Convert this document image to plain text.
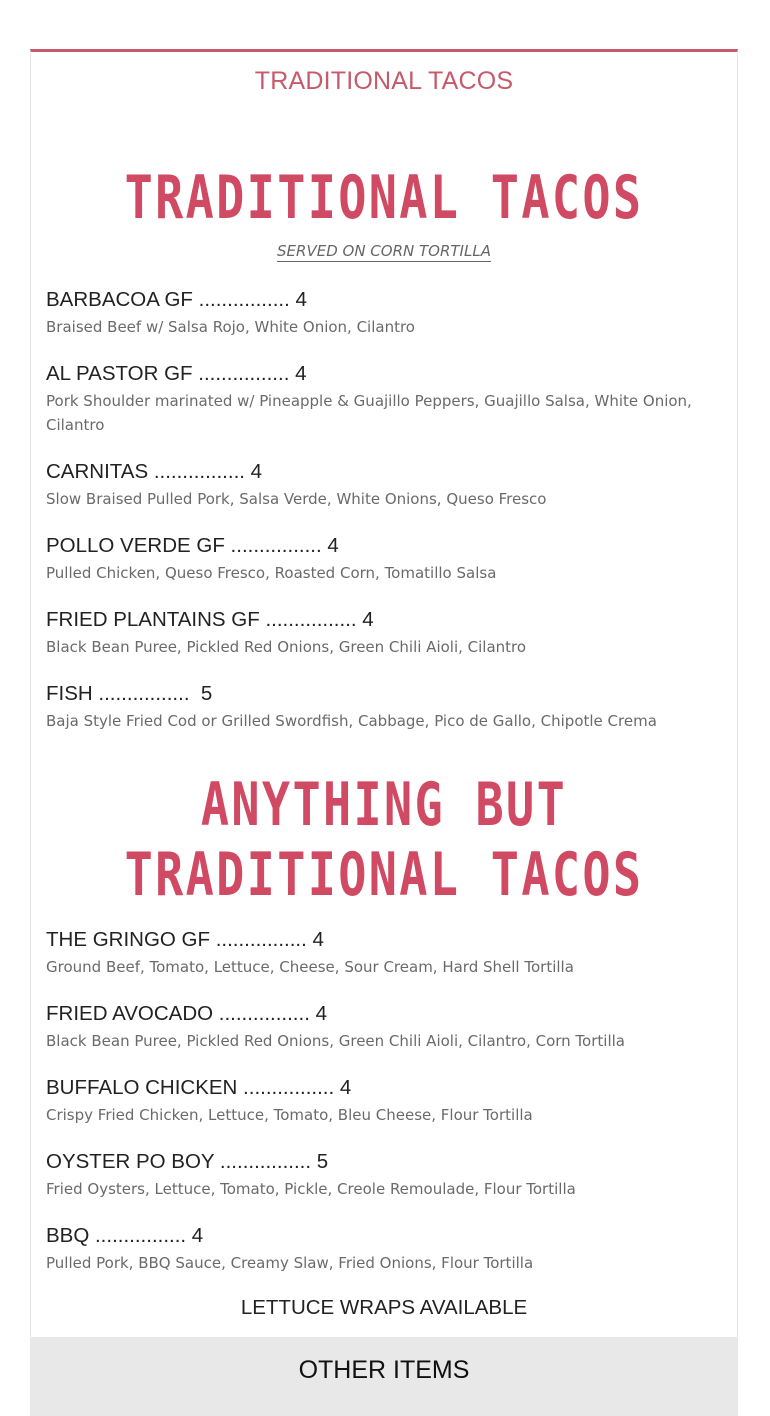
TRADITIONAL TACOS
TRADITIONAL TACOS
SERVED ON CORN TORTILLA
BARBACOA GF ................ 4
Braised Beef w/ Salsa Rojo, White Onion, Cilantro
AL PASTOR GF ................ 4
Pork Shoulder marinated w/ Pineapple & Guajillo Peppers, Guajillo Salsa, White Onion, Cilantro
CARNITAS ................ 4
Slow Braised Pulled Pork, Salsa Verde, White Onions, Queso Fresco
POLLO VERDE GF ................ 4
Pulled Chicken, Queso Fresco, Roasted Corn, Tomatillo Salsa
FRIED PLANTAINS GF ................ 4
Black Bean Puree, Pickled Red Onions, Green Chili Aioli, Cilantro
FISH ................  5
Baja Style Fried Cod or Grilled Swordfish, Cabbage, Pico de Gallo, Chipotle Crema
ANYTHING BUT TRADITIONAL TACOS
THE GRINGO GF ................ 4
Ground Beef, Tomato, Lettuce, Cheese, Sour Cream, Hard Shell Tortilla
FRIED AVOCADO ................ 4
Black Bean Puree, Pickled Red Onions, Green Chili Aioli, Cilantro, Corn Tortilla
BUFFALO CHICKEN ................ 4
Crispy Fried Chicken, Lettuce, Tomato, Bleu Cheese, Flour Tortilla
OYSTER PO BOY ................ 5
Fried Oysters, Lettuce, Tomato, Pickle, Creole Remoulade, Flour Tortilla
BBQ ................ 4
Pulled Pork, BBQ Sauce, Creamy Slaw, Fried Onions, Flour Tortilla
LETTUCE WRAPS AVAILABLE
OTHER ITEMS
